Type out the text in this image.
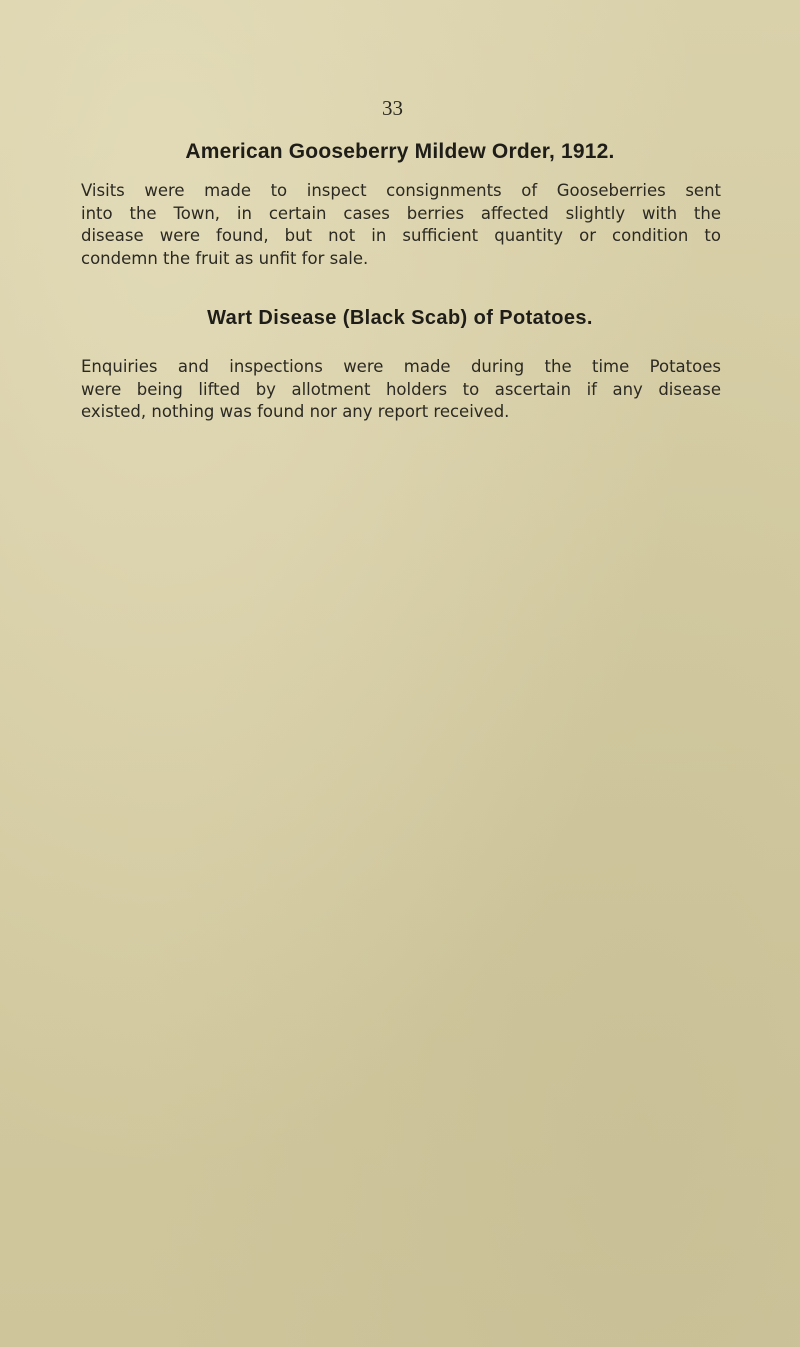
33
American Gooseberry Mildew Order, 1912.
Visits were made to inspect consignments of Gooseberries sent
into the Town, in certain cases berries affected slightly with the
disease were found, but not in sufficient quantity or condition to
condemn the fruit as unfit for sale.
Wart Disease (Black Scab) of Potatoes.
Enquiries and inspections were made during the time Potatoes
were being lifted by allotment holders to ascertain if any disease
existed, nothing was found nor any report received.
